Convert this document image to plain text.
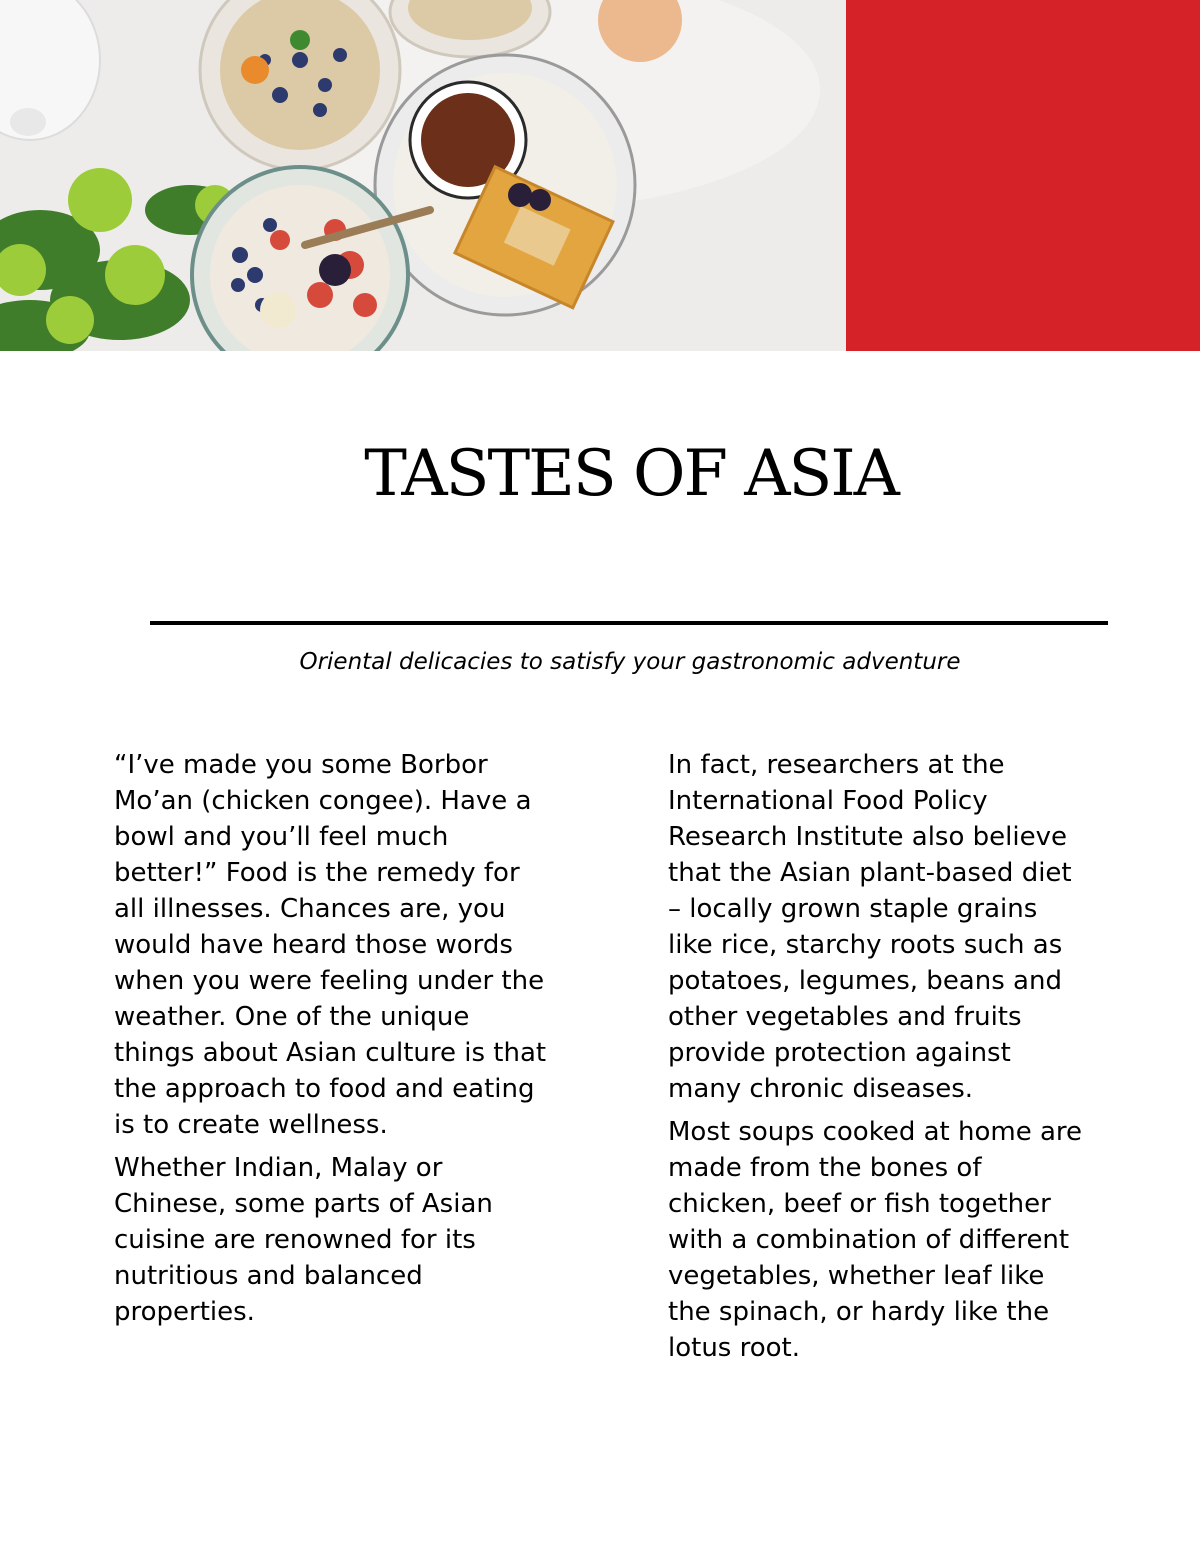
TASTES OF ASIA

Oriental delicacies to satisfy your gastronomic adventure

“I’ve made you some Borbor Mo’an (chicken congee). Have a bowl and you’ll feel much better!” Food is the remedy for all illnesses. Chances are, you would have heard those words when you were feeling under the weather. One of the unique things about Asian culture is that the approach to food and eating is to create wellness.

Whether Indian, Malay or Chinese, some parts of Asian cuisine are renowned for its nutritious and balanced properties.

In fact, researchers at the International Food Policy Research Institute also believe that the Asian plant-based diet – locally grown staple grains like rice, starchy roots such as potatoes, legumes, beans and other vegetables and fruits provide protection against many chronic diseases.

Most soups cooked at home are made from the bones of chicken, beef or fish together with a combination of different vegetables, whether leaf like the spinach, or hardy like the lotus root.
